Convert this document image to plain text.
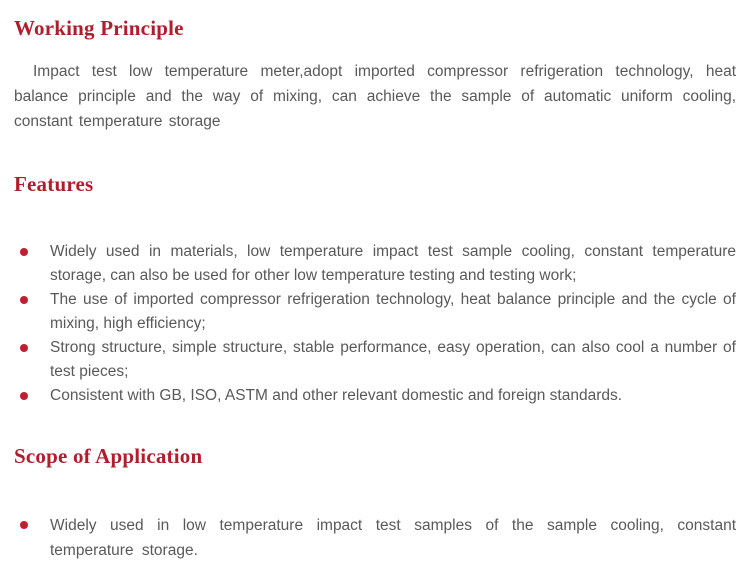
Working Principle

Impact test low temperature meter,adopt imported compressor refrigeration technology, heat balance principle and the way of mixing, can achieve the sample of automatic uniform cooling, constant temperature storage

Features
Widely used in materials, low temperature impact test sample cooling, constant temperature storage, can also be used for other low temperature testing and testing work;
The use of imported compressor refrigeration technology, heat balance principle and the cycle of mixing, high efficiency;
Strong structure, simple structure, stable performance, easy operation, can also cool a number of test pieces;
Consistent with GB, ISO, ASTM and other relevant domestic and foreign standards.
Scope of Application
Widely used in low temperature impact test samples of the sample cooling, constant temperature storage.
